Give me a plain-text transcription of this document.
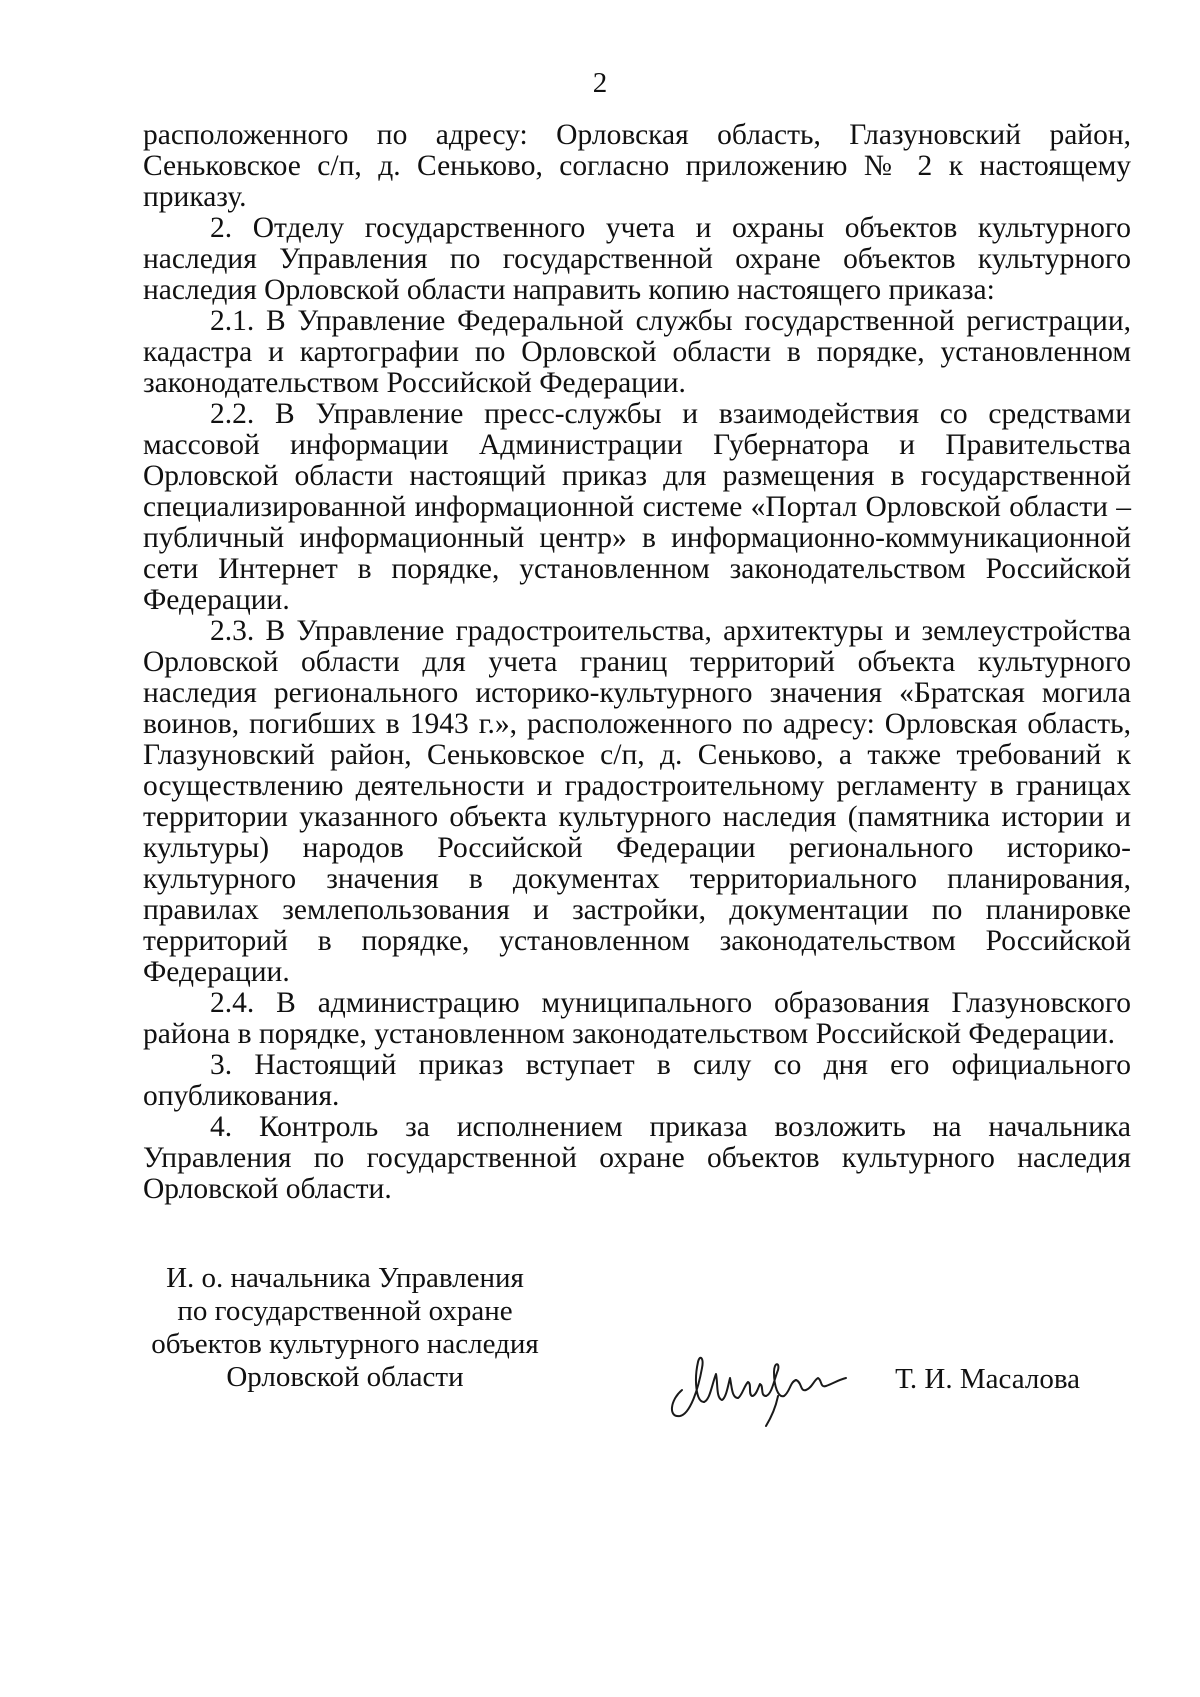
2

расположенного по адресу: Орловская область, Глазуновский район, Сеньковское с/п, д. Сеньково, согласно приложению № 2 к настоящему приказу.

2. Отделу государственного учета и охраны объектов культурного наследия Управления по государственной охране объектов культурного наследия Орловской области направить копию настоящего приказа:

2.1. В Управление Федеральной службы государственной регистрации, кадастра и картографии по Орловской области в порядке, установленном законодательством Российской Федерации.

2.2. В Управление пресс-службы и взаимодействия со средствами массовой информации Администрации Губернатора и Правительства Орловской области настоящий приказ для размещения в государственной специализированной информационной системе «Портал Орловской области – публичный информационный центр» в информационно-коммуникационной сети Интернет в порядке, установленном законодательством Российской Федерации.

2.3. В Управление градостроительства, архитектуры и землеустройства Орловской области для учета границ территорий объекта культурного наследия регионального историко-культурного значения «Братская могила воинов, погибших в 1943 г.», расположенного по адресу: Орловская область, Глазуновский район, Сеньковское с/п, д. Сеньково, а также требований к осуществлению деятельности и градостроительному регламенту в границах территории указанного объекта культурного наследия (памятника истории и культуры) народов Российской Федерации регионального историко-культурного значения в документах территориального планирования, правилах землепользования и застройки, документации по планировке территорий в порядке, установленном законодательством Российской Федерации.

2.4. В администрацию муниципального образования Глазуновского района в порядке, установленном законодательством Российской Федерации.

3. Настоящий приказ вступает в силу со дня его официального опубликования.

4. Контроль за исполнением приказа возложить на начальника Управления по государственной охране объектов культурного наследия Орловской области.

И. о. начальника Управления
по государственной охране
объектов культурного наследия
Орловской области	Т. И. Масалова
